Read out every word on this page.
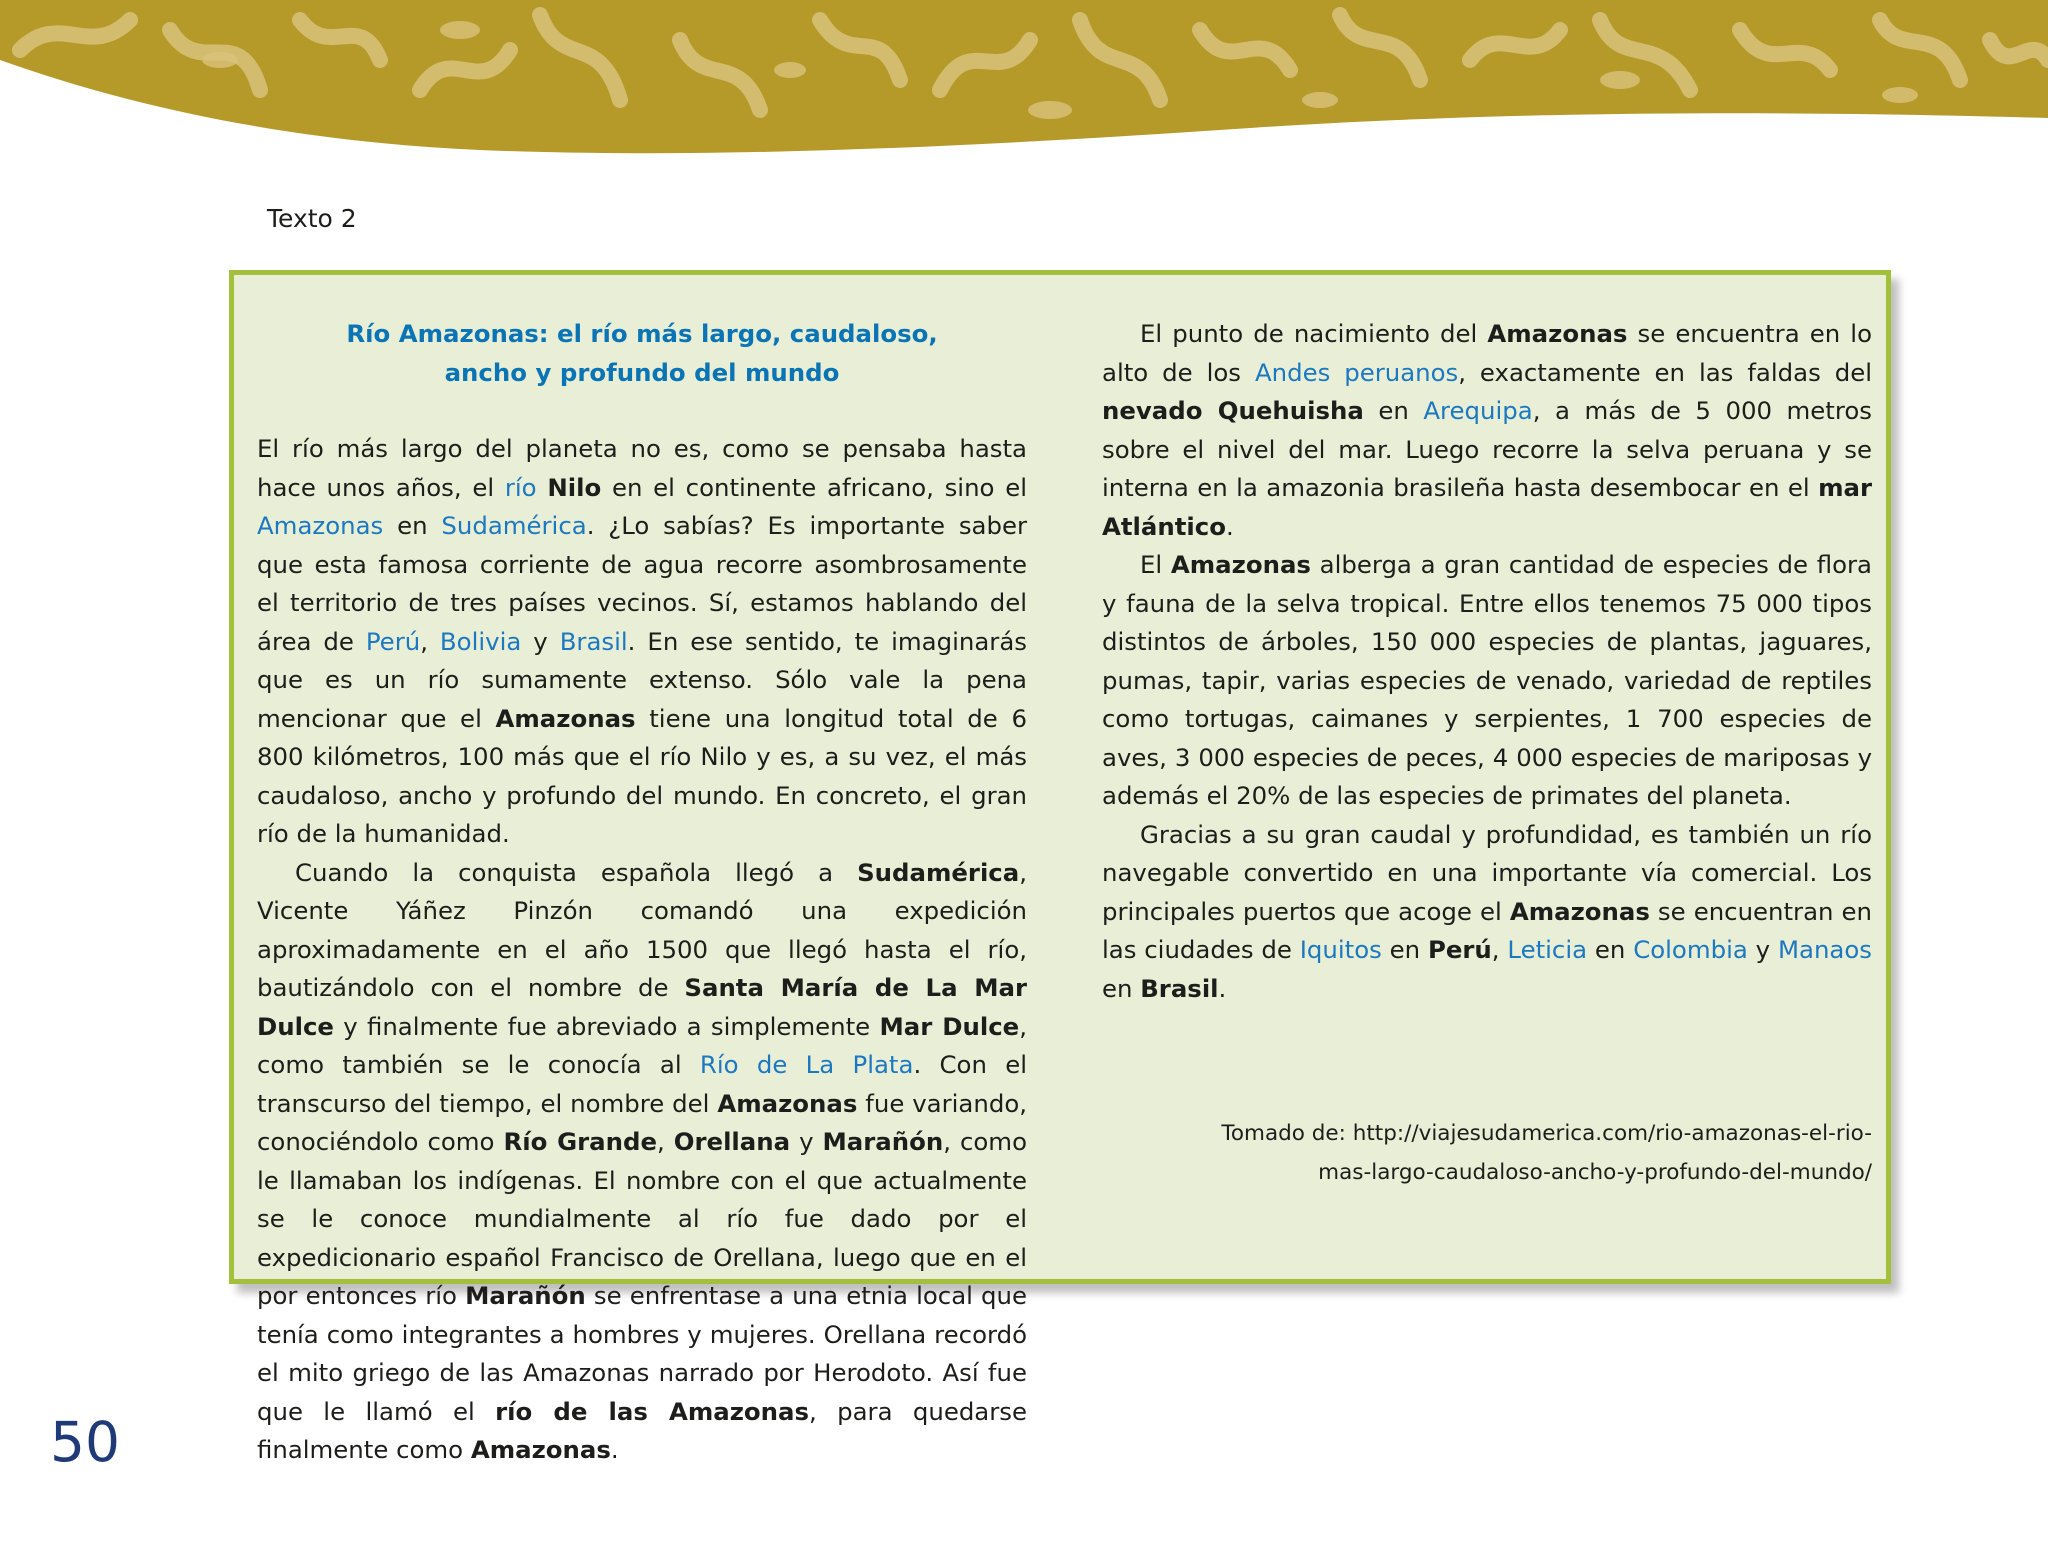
Texto 2

Río Amazonas: el río más largo, caudaloso,
ancho y profundo del mundo

El río más largo del planeta no es, como se pensaba hasta hace unos años, el río Nilo en el continente africano, sino el Amazonas en Sudamérica. ¿Lo sabías? Es importante saber que esta famosa corriente de agua recorre asombrosamente el territorio de tres países vecinos. Sí, estamos hablando del área de Perú, Bolivia y Brasil. En ese sentido, te imaginarás que es un río sumamente extenso. Sólo vale la pena mencionar que el Amazonas tiene una longitud total de 6 800 kilómetros, 100 más que el río Nilo y es, a su vez, el más caudaloso, ancho y profundo del mundo. En concreto, el gran río de la humanidad.

Cuando la conquista española llegó a Sudamérica, Vicente Yáñez Pinzón comandó una expedición aproximadamente en el año 1500 que llegó hasta el río, bautizándolo con el nombre de Santa María de La Mar Dulce y finalmente fue abreviado a simplemente Mar Dulce, como también se le conocía al Río de La Plata. Con el transcurso del tiempo, el nombre del Amazonas fue variando, conociéndolo como Río Grande, Orellana y Marañón, como le llamaban los indígenas. El nombre con el que actualmente se le conoce mundialmente al río fue dado por el expedicionario español Francisco de Orellana, luego que en el por entonces río Marañón se enfrentase a una etnia local que tenía como integrantes a hombres y mujeres. Orellana recordó el mito griego de las Amazonas narrado por Herodoto. Así fue que le llamó el río de las Amazonas, para quedarse finalmente como Amazonas.

El punto de nacimiento del Amazonas se encuentra en lo alto de los Andes peruanos, exactamente en las faldas del nevado Quehuisha en Arequipa, a más de 5 000 metros sobre el nivel del mar. Luego recorre la selva peruana y se interna en la amazonia brasileña hasta desembocar en el mar Atlántico.

El Amazonas alberga a gran cantidad de especies de flora y fauna de la selva tropical. Entre ellos tenemos 75 000 tipos distintos de árboles, 150 000 especies de plantas, jaguares, pumas, tapir, varias especies de venado, variedad de reptiles como tortugas, caimanes y serpientes, 1 700 especies de aves, 3 000 especies de peces, 4 000 especies de mariposas y además el 20% de las especies de primates del planeta.

Gracias a su gran caudal y profundidad, es también un río navegable convertido en una importante vía comercial. Los principales puertos que acoge el Amazonas se encuentran en las ciudades de Iquitos en Perú, Leticia en Colombia y Manaos en Brasil.

Tomado de: http://viajesudamerica.com/rio-amazonas-el-rio-
mas-largo-caudaloso-ancho-y-profundo-del-mundo/

50
